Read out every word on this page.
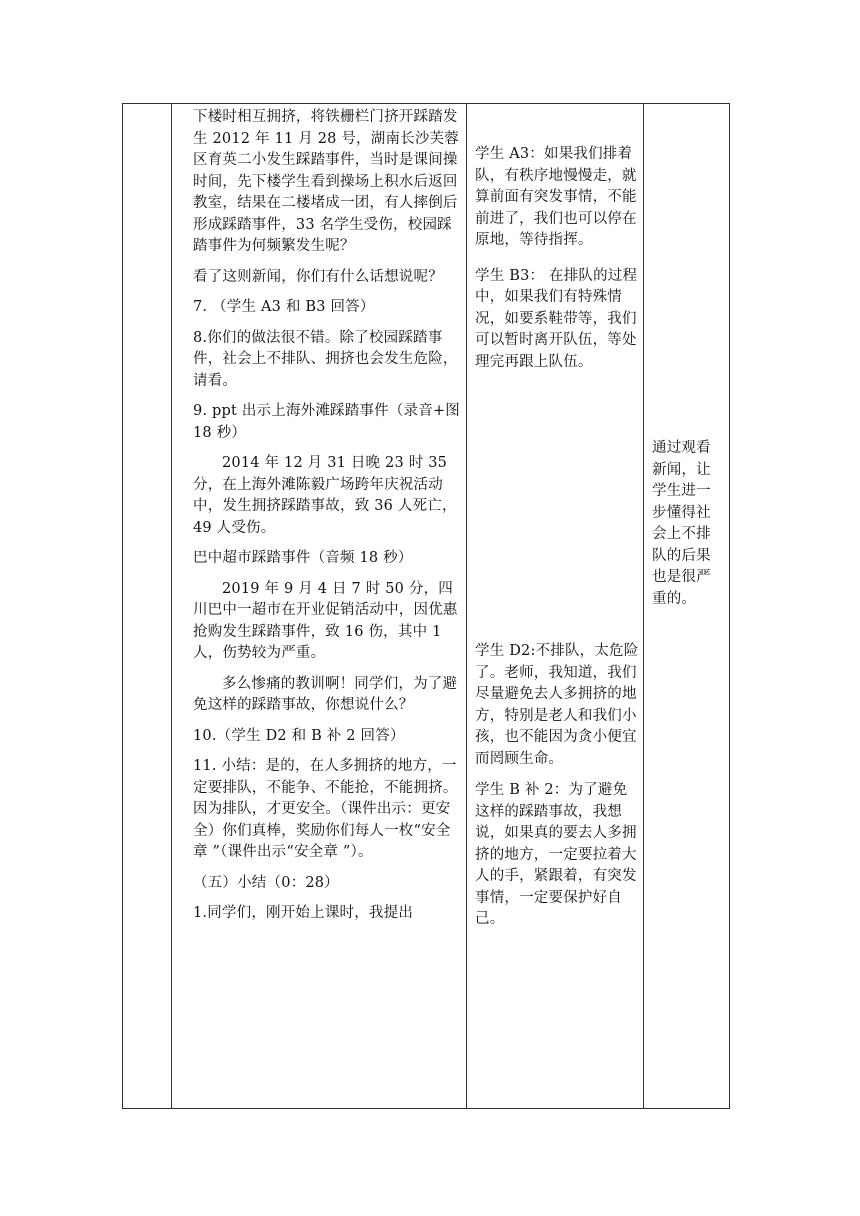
下楼时相互拥挤，将铁栅栏门挤开踩踏发生 2012 年 11 月 28 号，湖南长沙芙蓉区育英二小发生踩踏事件，当时是课间操时间，先下楼学生看到操场上积水后返回教室，结果在二楼堵成一团，有人摔倒后形成踩踏事件，33 名学生受伤，校园踩踏事件为何频繁发生呢？

看了这则新闻，你们有什么话想说呢？

7. （学生 A3 和 B3 回答）

8.你们的做法很不错。除了校园踩踏事件，社会上不排队、拥挤也会发生危险，请看。

9. ppt 出示上海外滩踩踏事件（录音+图 18 秒）

2014 年 12 月 31 日晚 23 时 35 分，在上海外滩陈毅广场跨年庆祝活动中，发生拥挤踩踏事故，致 36 人死亡，49 人受伤。

巴中超市踩踏事件（音频 18 秒）

2019 年 9 月 4 日 7 时 50 分，四川巴中一超市在开业促销活动中，因优惠抢购发生踩踏事件，致 16 伤，其中 1 人，伤势较为严重。

多么惨痛的教训啊！同学们，为了避免这样的踩踏事故，你想说什么？

10.（学生 D2 和 B 补 2 回答）

11. 小结：是的，在人多拥挤的地方，一定要排队，不能争、不能抢，不能拥挤。因为排队，才更安全。（课件出示：更安全）你们真棒，奖励你们每人一枚“安全章 ”（课件出示“安全章 ”）。

（五）小结（0：28）

1.同学们，刚开始上课时，我提出

学生 A3：如果我们排着队，有秩序地慢慢走，就算前面有突发事情，不能前进了，我们也可以停在原地，等待指挥。

学生 B3： 在排队的过程中，如果我们有特殊情况，如要系鞋带等，我们可以暂时离开队伍，等处理完再跟上队伍。

学生 D2:不排队，太危险了。老师，我知道，我们尽量避免去人多拥挤的地方，特别是老人和我们小孩，也不能因为贪小便宜而罔顾生命。

学生 B 补 2：为了避免这样的踩踏事故，我想说，如果真的要去人多拥挤的地方，一定要拉着大人的手，紧跟着，有突发事情，一定要保护好自己。

通过观看新闻，让学生进一步懂得社会上不排队的后果也是很严重的。
